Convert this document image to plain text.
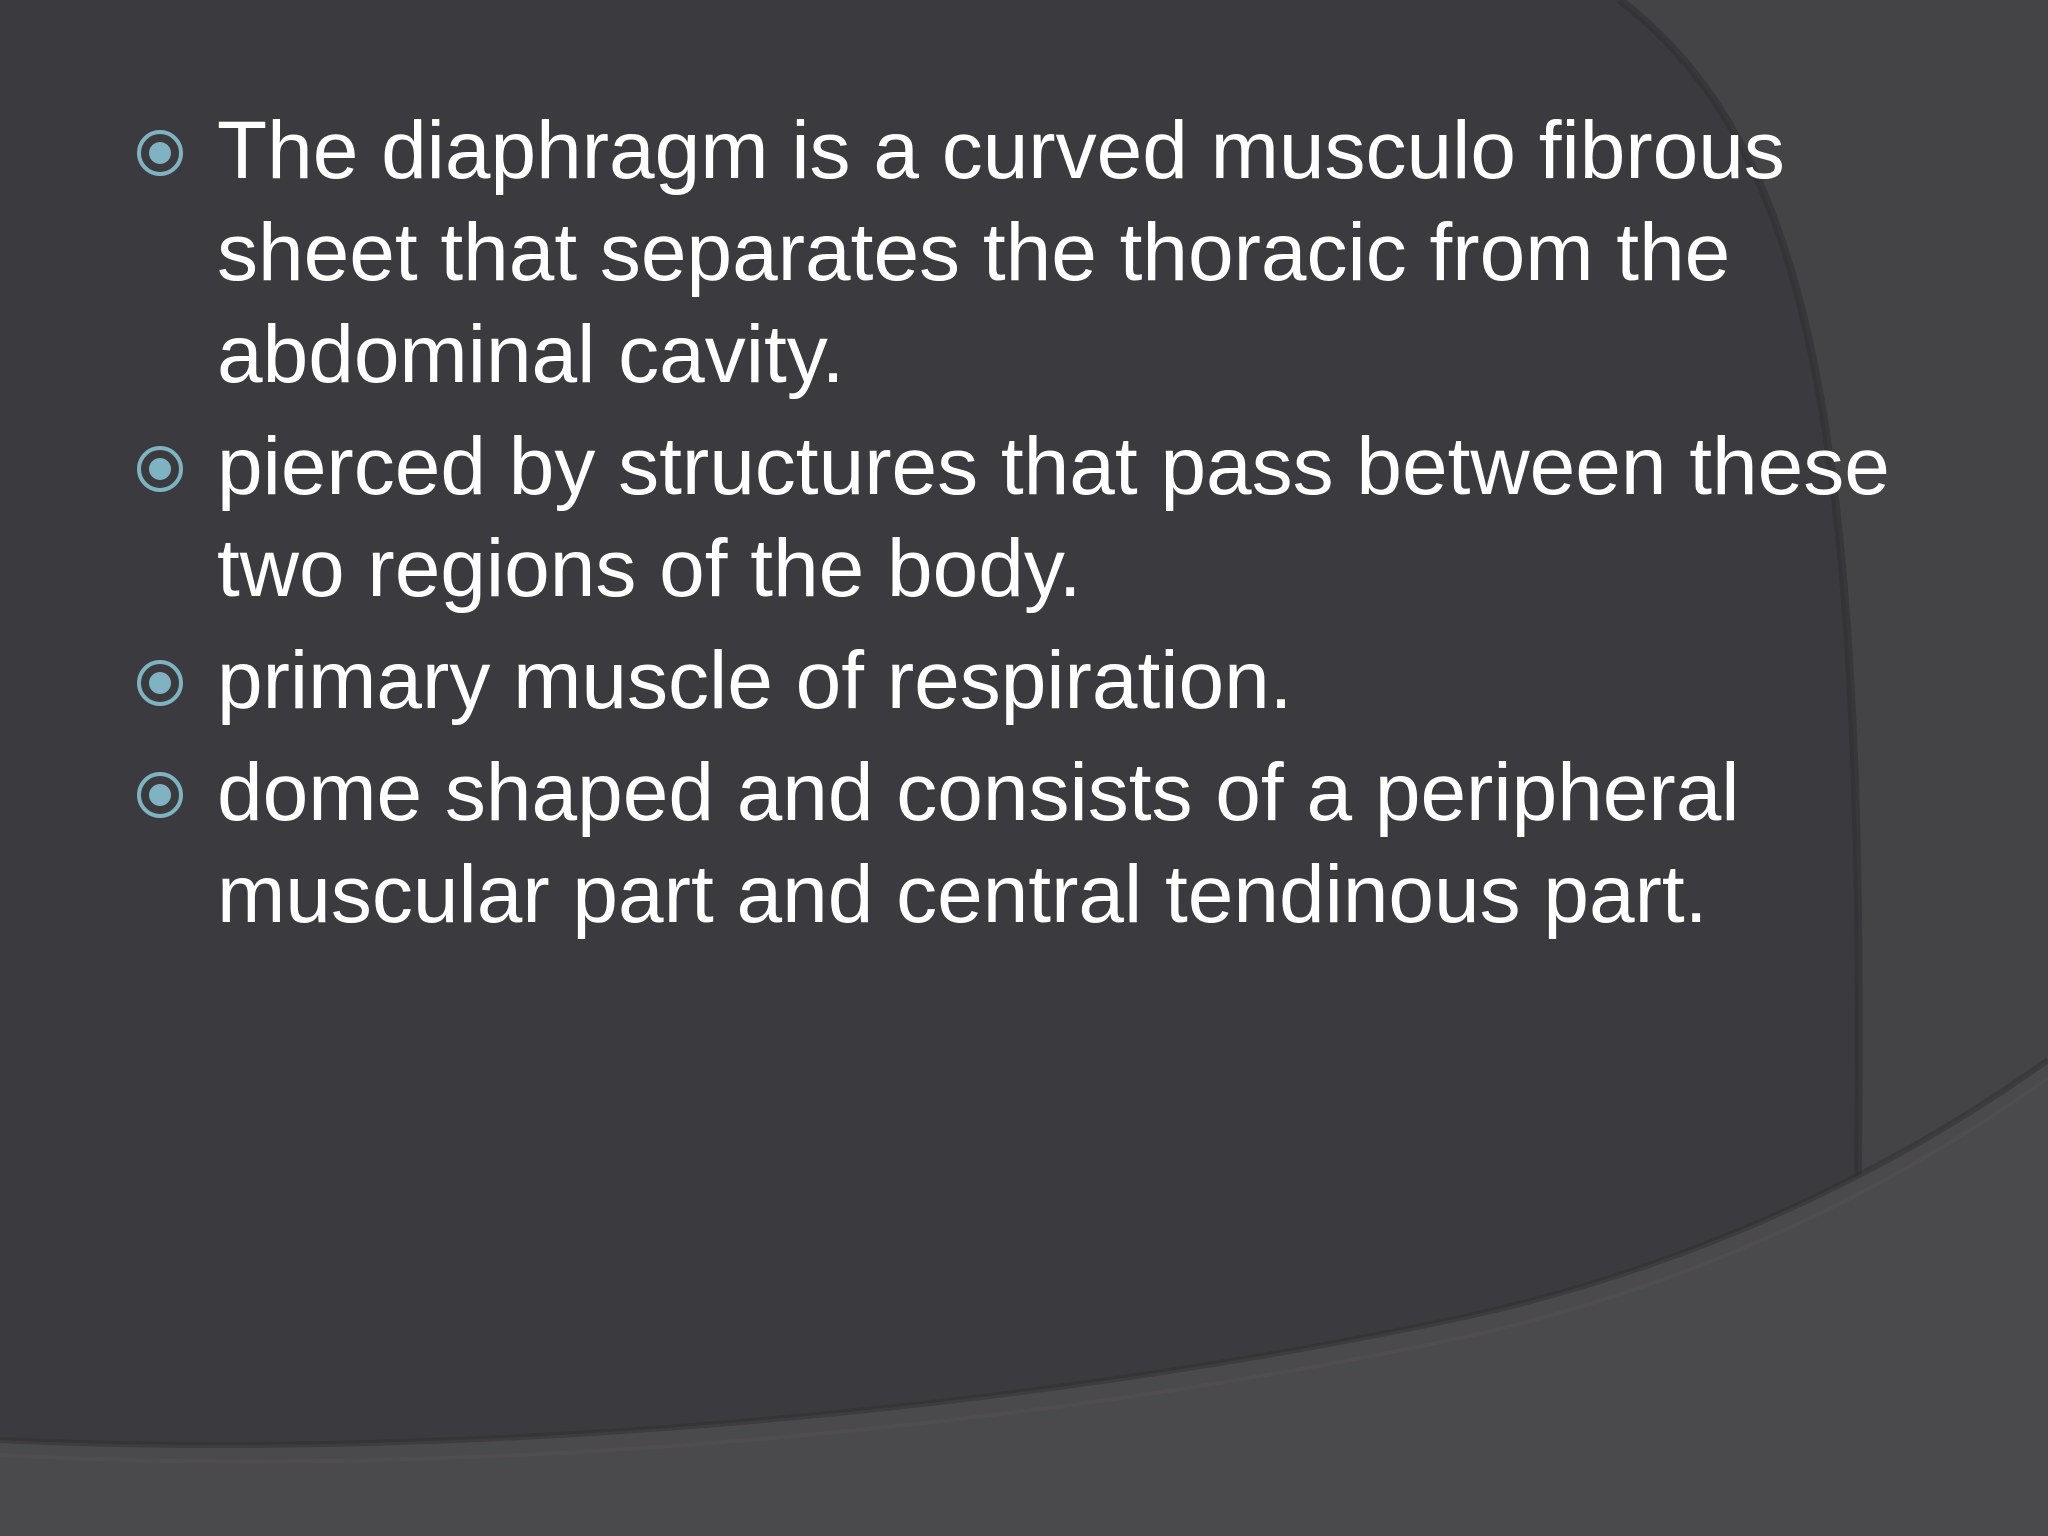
The diaphragm is a curved musculo fibrous sheet that separates the thoracic from the abdominal cavity.
pierced by structures that pass between these two regions of the body.
primary muscle of respiration.
dome shaped and consists of a peripheral muscular part and central tendinous part.
